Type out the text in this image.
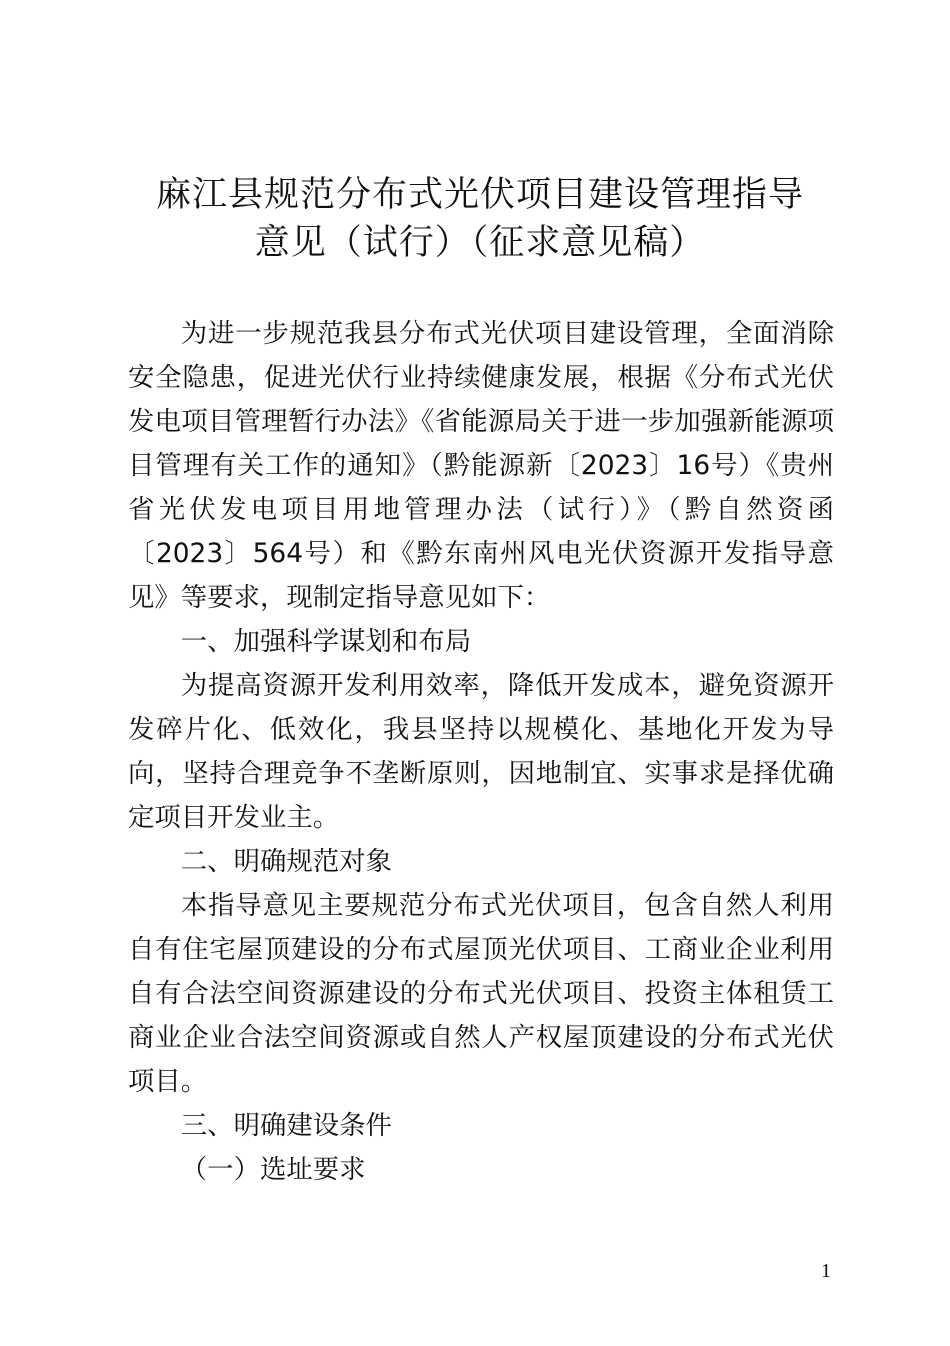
麻江县规范分布式光伏项目建设管理指导
意见（试行）（征求意见稿）

为进一步规范我县分布式光伏项目建设管理，全面消除安全隐患，促进光伏行业持续健康发展，根据《分布式光伏发电项目管理暂行办法》《省能源局关于进一步加强新能源项目管理有关工作的通知》（黔能源新〔2023〕16号）《贵州省光伏发电项目用地管理办法（试行）》（黔自然资函〔2023〕564号）和《黔东南州风电光伏资源开发指导意见》等要求，现制定指导意见如下：

一、加强科学谋划和布局

为提高资源开发利用效率，降低开发成本，避免资源开发碎片化、低效化，我县坚持以规模化、基地化开发为导向，坚持合理竞争不垄断原则，因地制宜、实事求是择优确定项目开发业主。

二、明确规范对象

本指导意见主要规范分布式光伏项目，包含自然人利用自有住宅屋顶建设的分布式屋顶光伏项目、工商业企业利用自有合法空间资源建设的分布式光伏项目、投资主体租赁工商业企业合法空间资源或自然人产权屋顶建设的分布式光伏项目。

三、明确建设条件

（一）选址要求

1
